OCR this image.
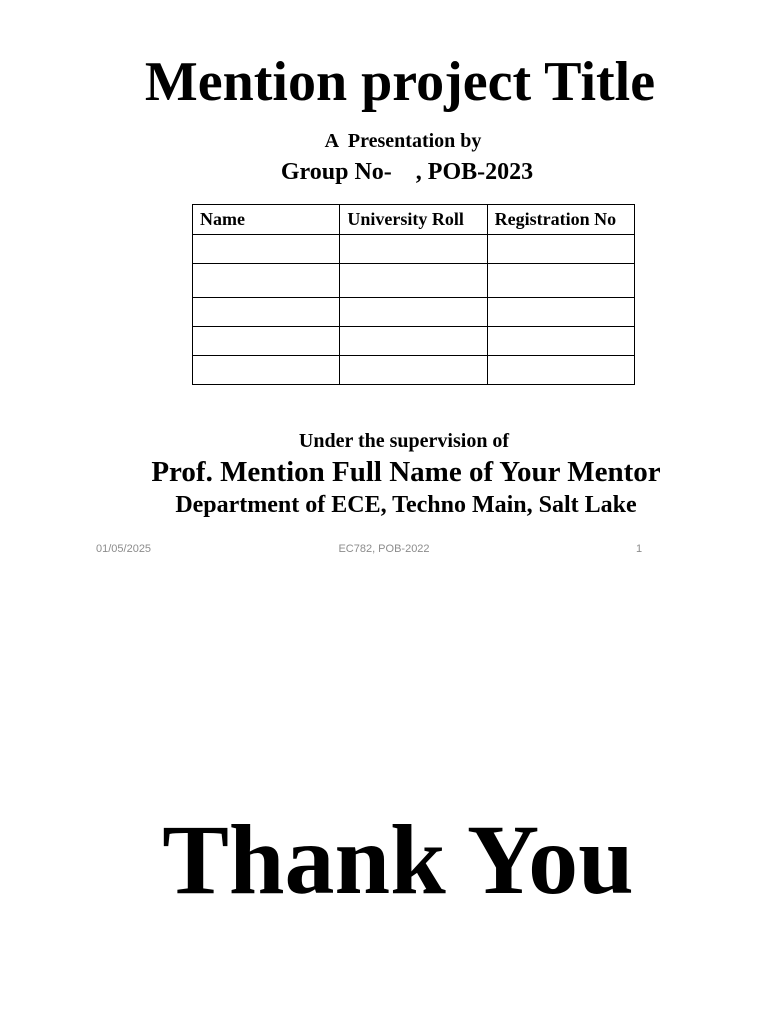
Mention project Title
A  Presentation by
Group No-    , POB-2023
Name	University Roll	Registration No

Under the supervision of
Prof. Mention Full Name of Your Mentor
Department of ECE, Techno Main, Salt Lake
01/05/2025	EC782, POB-2022	1
Thank You
